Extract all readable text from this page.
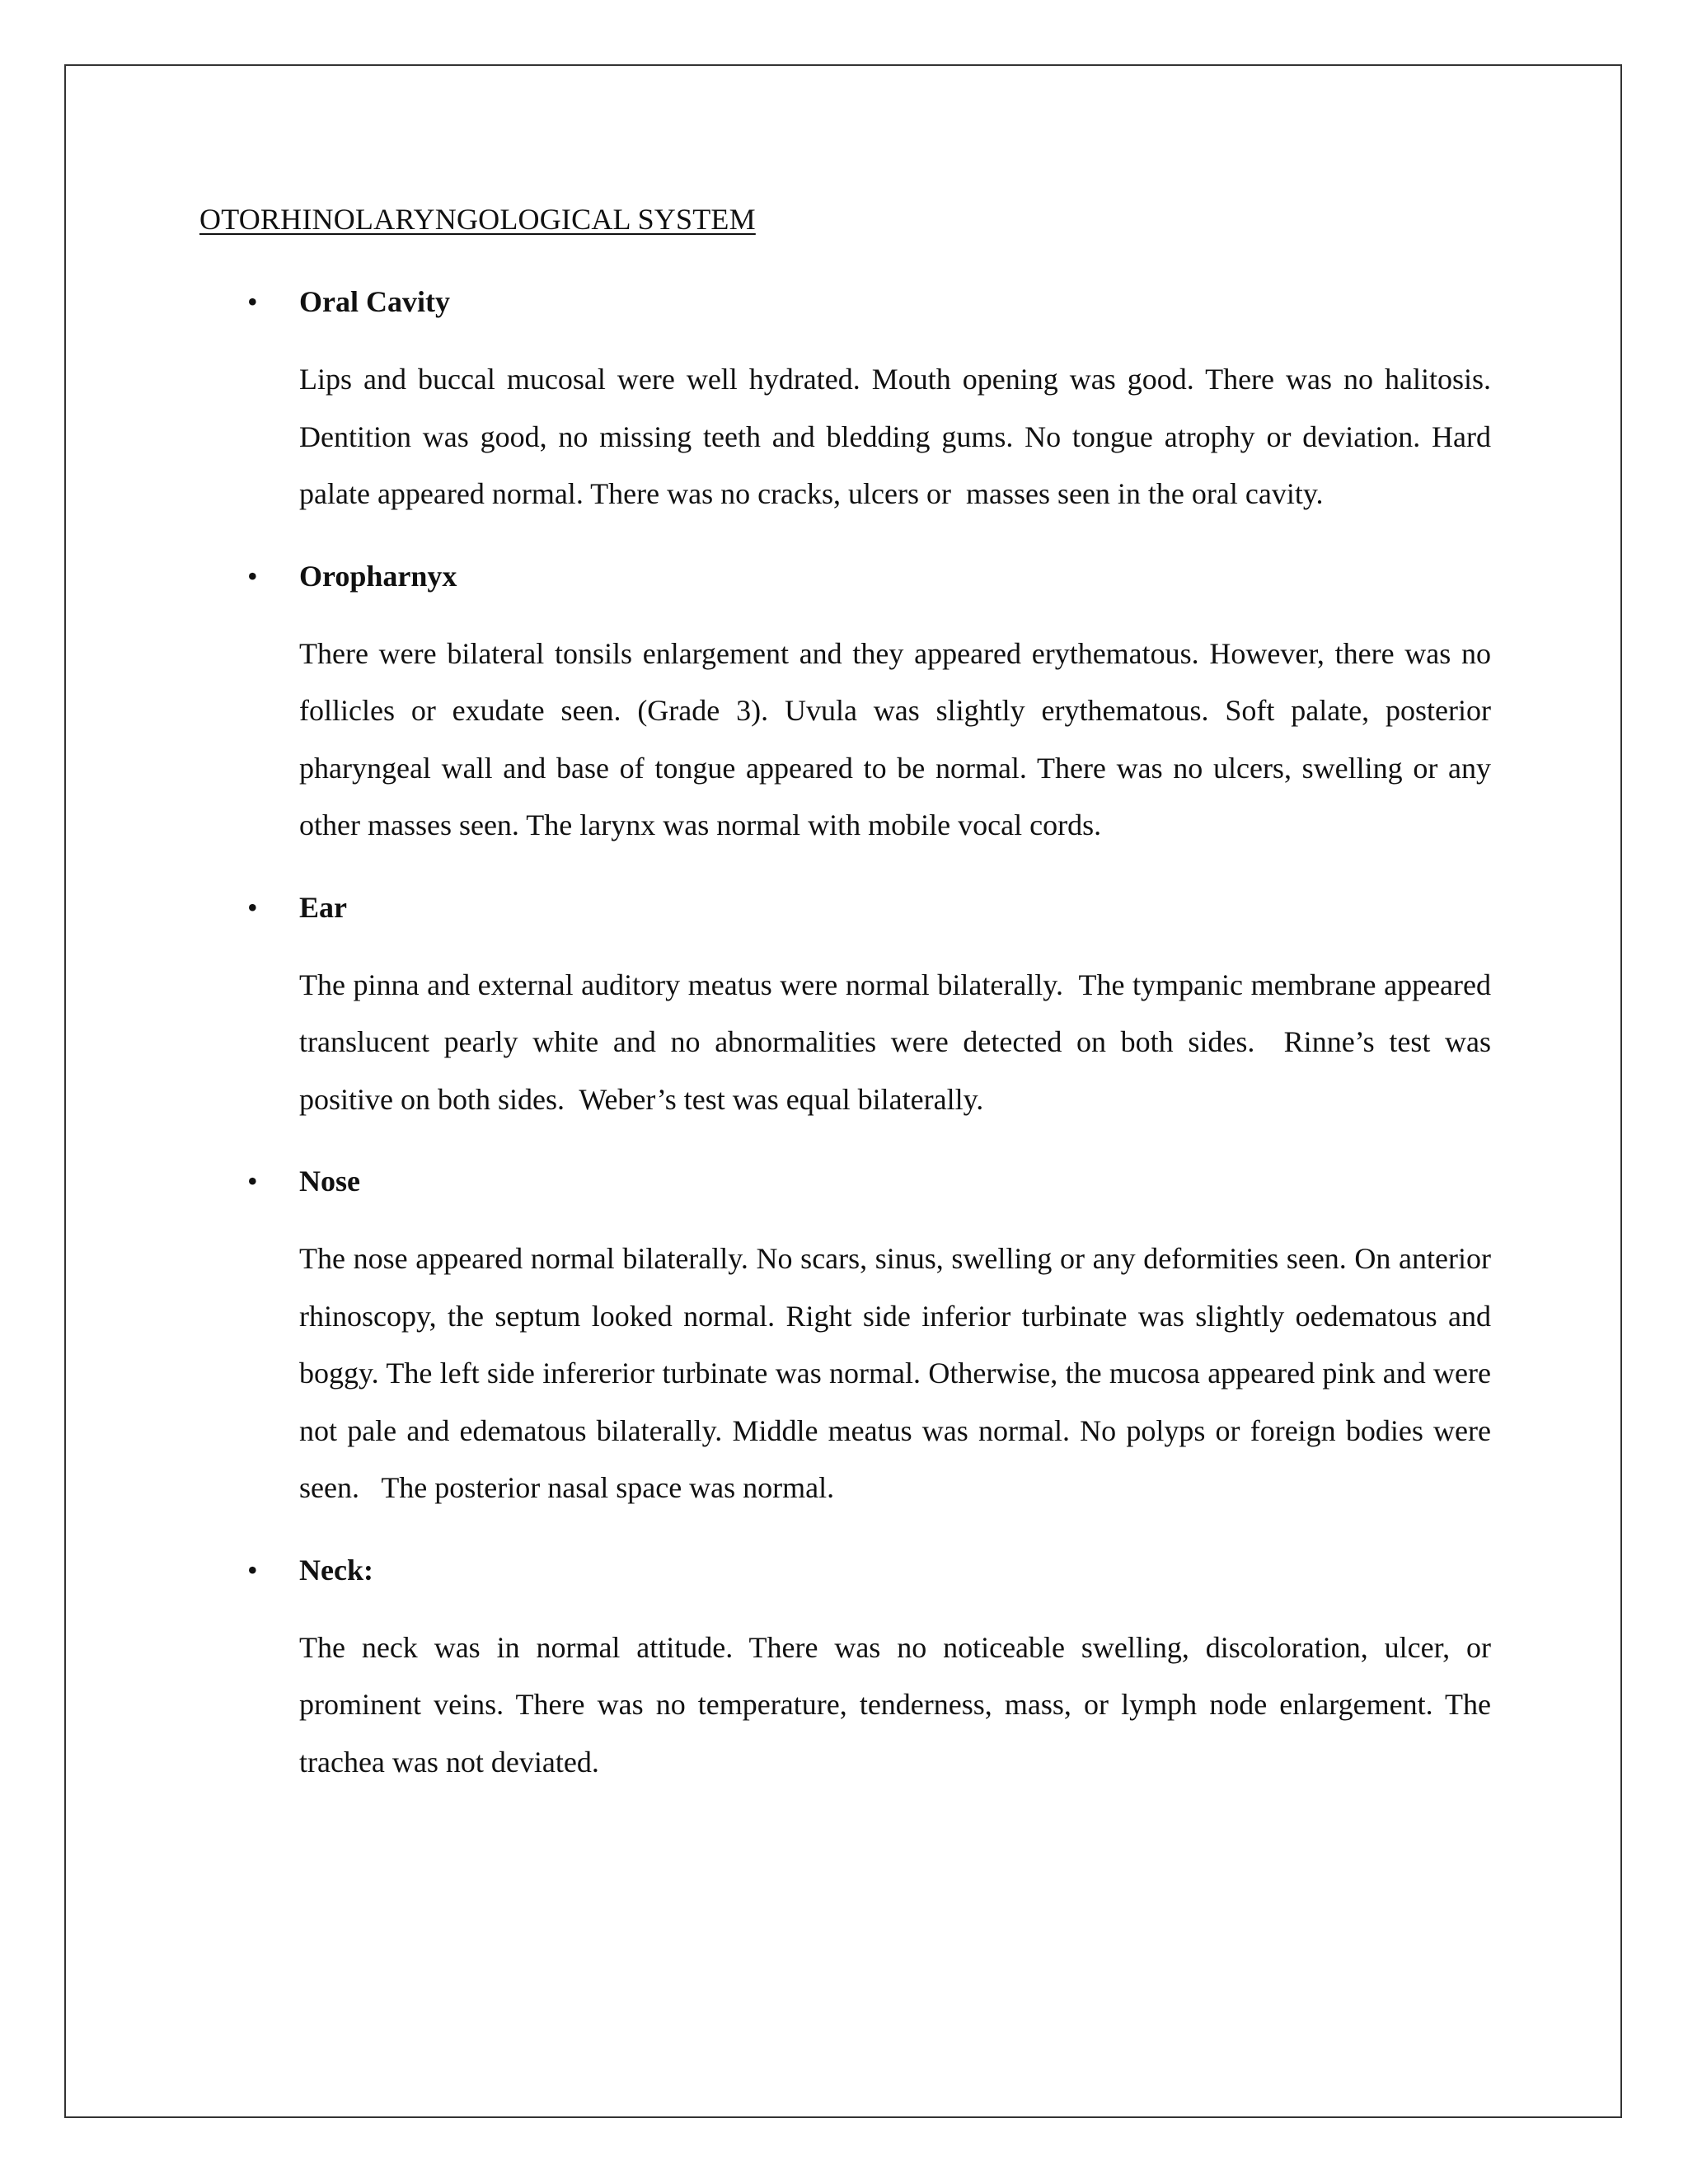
OTORHINOLARYNGOLOGICAL SYSTEM
• Oral Cavity

Lips and buccal mucosal were well hydrated. Mouth opening was good. There was no halitosis. Dentition was good, no missing teeth and bledding gums. No tongue atrophy or deviation. Hard palate appeared normal. There was no cracks, ulcers or  masses seen in the oral cavity.

• Oropharnyx

There were bilateral tonsils enlargement and they appeared erythematous. However, there was no follicles or exudate seen. (Grade 3). Uvula was slightly erythematous. Soft palate, posterior pharyngeal wall and base of tongue appeared to be normal. There was no ulcers, swelling or any other masses seen. The larynx was normal with mobile vocal cords.

• Ear

The pinna and external auditory meatus were normal bilaterally.  The tympanic membrane appeared translucent pearly white and no abnormalities were detected on both sides.  Rinne’s test was positive on both sides.  Weber’s test was equal bilaterally.

• Nose

The nose appeared normal bilaterally. No scars, sinus, swelling or any deformities seen. On anterior rhinoscopy, the septum looked normal. Right side inferior turbinate was slightly oedematous and boggy. The left side infererior turbinate was normal. Otherwise, the mucosa appeared pink and were not pale and edematous bilaterally. Middle meatus was normal. No polyps or foreign bodies were seen.   The posterior nasal space was normal.

• Neck:

The neck was in normal attitude. There was no noticeable swelling, discoloration, ulcer, or prominent veins. There was no temperature, tenderness, mass, or lymph node enlargement. The trachea was not deviated.
